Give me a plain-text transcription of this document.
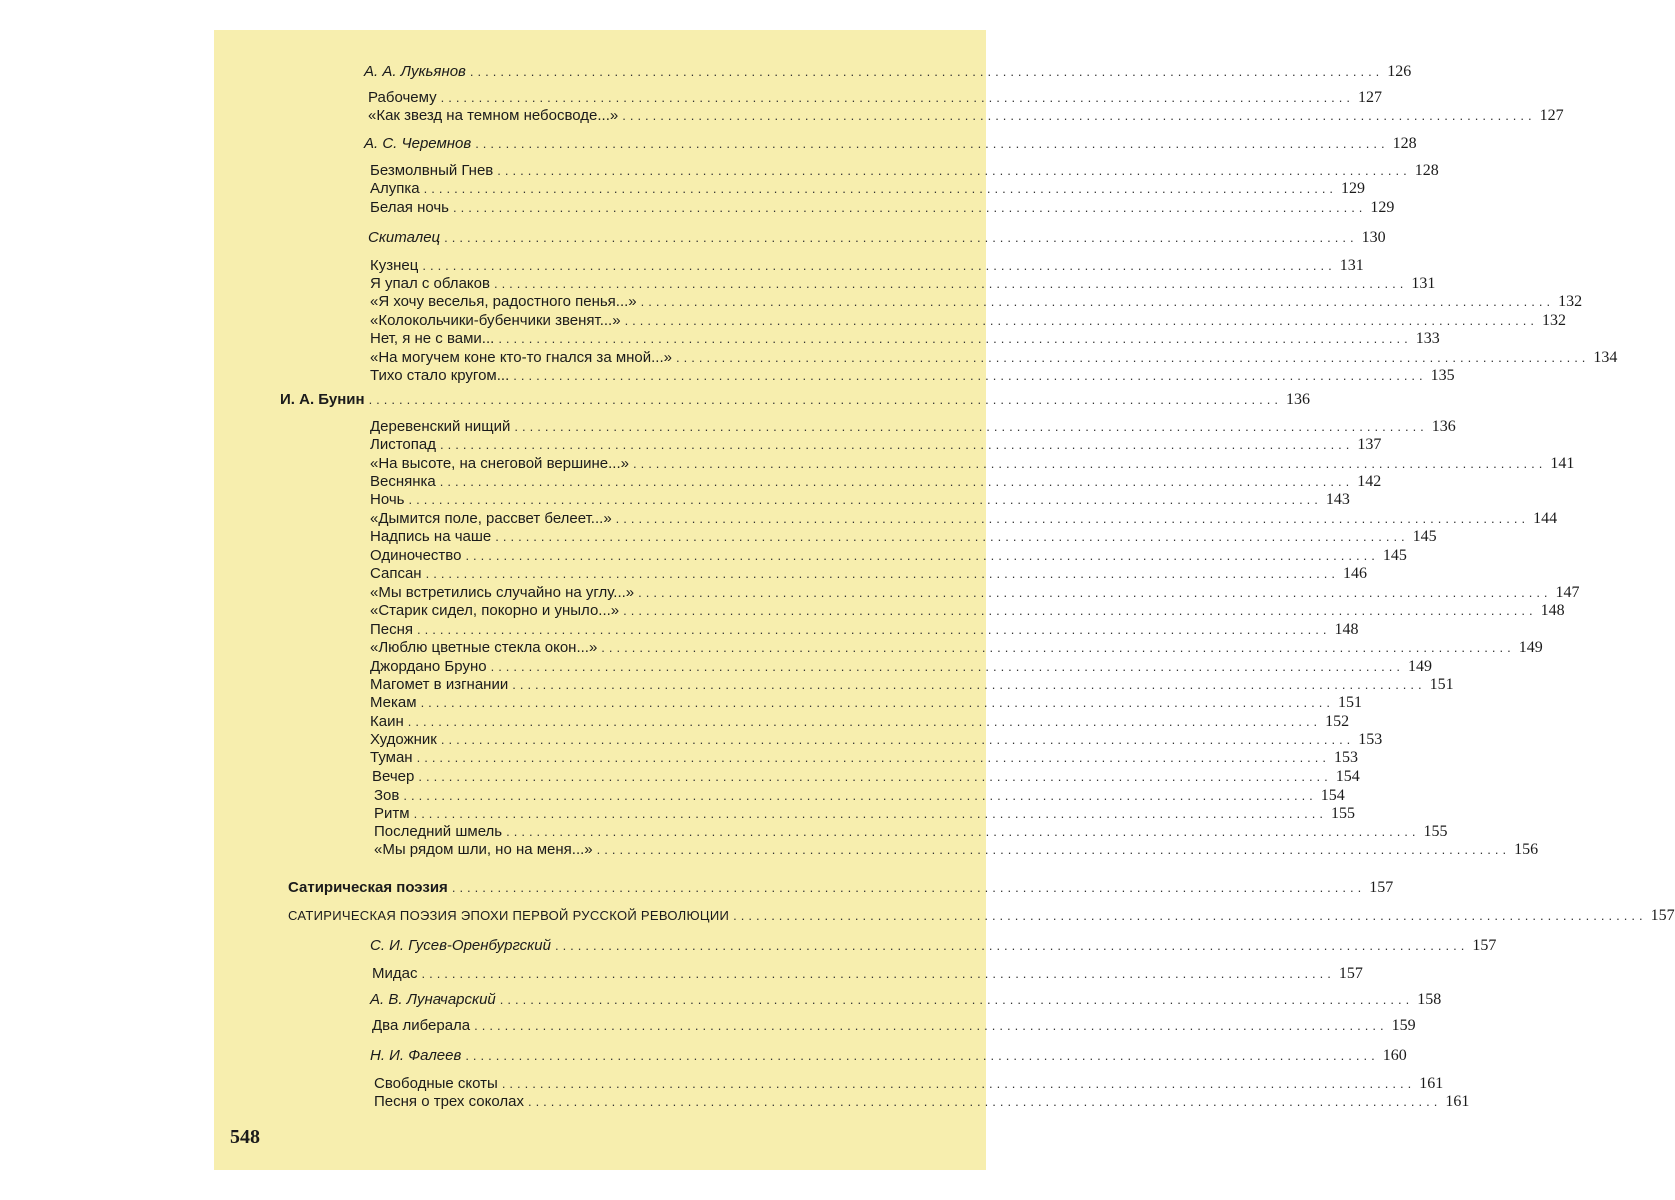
А. А. Лукьянов ........................................................................................................................ 126
Рабочему ........................................................................................................................ 127
«Как звезд на темном небосводе...» ........................................................................................................................ 127
А. С. Черемнов ........................................................................................................................ 128
Безмолвный Гнев ........................................................................................................................ 128
Алупка ........................................................................................................................ 129
Белая ночь ........................................................................................................................ 129
Скиталец ........................................................................................................................ 130
Кузнец ........................................................................................................................ 131
Я упал с облаков ........................................................................................................................ 131
«Я хочу веселья, радостного пенья...» ........................................................................................................................ 132
«Колокольчики-бубенчики звенят...» ........................................................................................................................ 132
Нет, я не с вами... ........................................................................................................................ 133
«На могучем коне кто-то гнался за мной...» ........................................................................................................................ 134
Тихо стало кругом... ........................................................................................................................ 135
И. А. Бунин ........................................................................................................................ 136
Деревенский нищий ........................................................................................................................ 136
Листопад ........................................................................................................................ 137
«На высоте, на снеговой вершине...» ........................................................................................................................ 141
Веснянка ........................................................................................................................ 142
Ночь ........................................................................................................................ 143
«Дымится поле, рассвет белеет...» ........................................................................................................................ 144
Надпись на чаше ........................................................................................................................ 145
Одиночество ........................................................................................................................ 145
Сапсан ........................................................................................................................ 146
«Мы встретились случайно на углу...» ........................................................................................................................ 147
«Старик сидел, покорно и уныло...» ........................................................................................................................ 148
Песня ........................................................................................................................ 148
«Люблю цветные стекла окон...» ........................................................................................................................ 149
Джордано Бруно ........................................................................................................................ 149
Магомет в изгнании ........................................................................................................................ 151
Мекам ........................................................................................................................ 151
Каин ........................................................................................................................ 152
Художник ........................................................................................................................ 153
Туман ........................................................................................................................ 153
Вечер ........................................................................................................................ 154
Зов ........................................................................................................................ 154
Ритм ........................................................................................................................ 155
Последний шмель ........................................................................................................................ 155
«Мы рядом шли, но на меня...» ........................................................................................................................ 156
Сатирическая поэзия ........................................................................................................................ 157
САТИРИЧЕСКАЯ ПОЭЗИЯ ЭПОХИ ПЕРВОЙ РУССКОЙ РЕВОЛЮЦИИ ........................................................................................................................ 157
С. И. Гусев-Оренбургский ........................................................................................................................ 157
Мидас ........................................................................................................................ 157
А. В. Луначарский ........................................................................................................................ 158
Два либерала ........................................................................................................................ 159
Н. И. Фалеев ........................................................................................................................ 160
Свободные скоты ........................................................................................................................ 161
Песня о трех соколах ........................................................................................................................ 161
548
